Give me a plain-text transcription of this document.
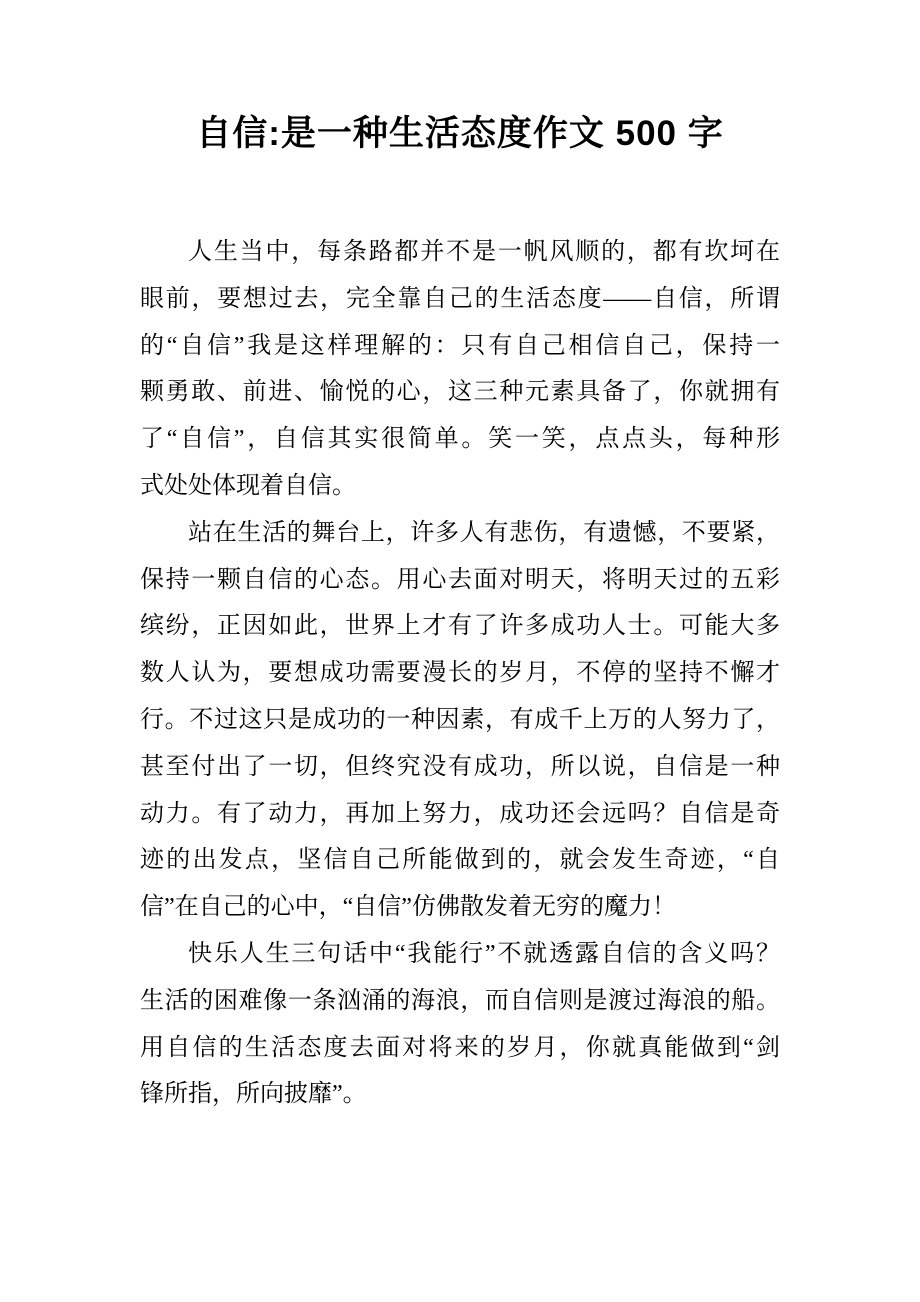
自信:是一种生活态度作文 500 字
人生当中，每条路都并不是一帆风顺的，都有坎坷在
眼前，要想过去，完全靠自己的生活态度——自信，所谓
的“自信”我是这样理解的：只有自己相信自己，保持一
颗勇敢、前进、愉悦的心，这三种元素具备了，你就拥有
了“自信”，自信其实很简单。笑一笑，点点头，每种形
式处处体现着自信。
站在生活的舞台上，许多人有悲伤，有遗憾，不要紧，
保持一颗自信的心态。用心去面对明天，将明天过的五彩
缤纷，正因如此，世界上才有了许多成功人士。可能大多
数人认为，要想成功需要漫长的岁月，不停的坚持不懈才
行。不过这只是成功的一种因素，有成千上万的人努力了，
甚至付出了一切，但终究没有成功，所以说，自信是一种
动力。有了动力，再加上努力，成功还会远吗？自信是奇
迹的出发点，坚信自己所能做到的，就会发生奇迹，“自
信”在自己的心中，“自信”仿佛散发着无穷的魔力！
快乐人生三句话中“我能行”不就透露自信的含义吗？
生活的困难像一条汹涌的海浪，而自信则是渡过海浪的船。
用自信的生活态度去面对将来的岁月，你就真能做到“剑
锋所指，所向披靡”。
